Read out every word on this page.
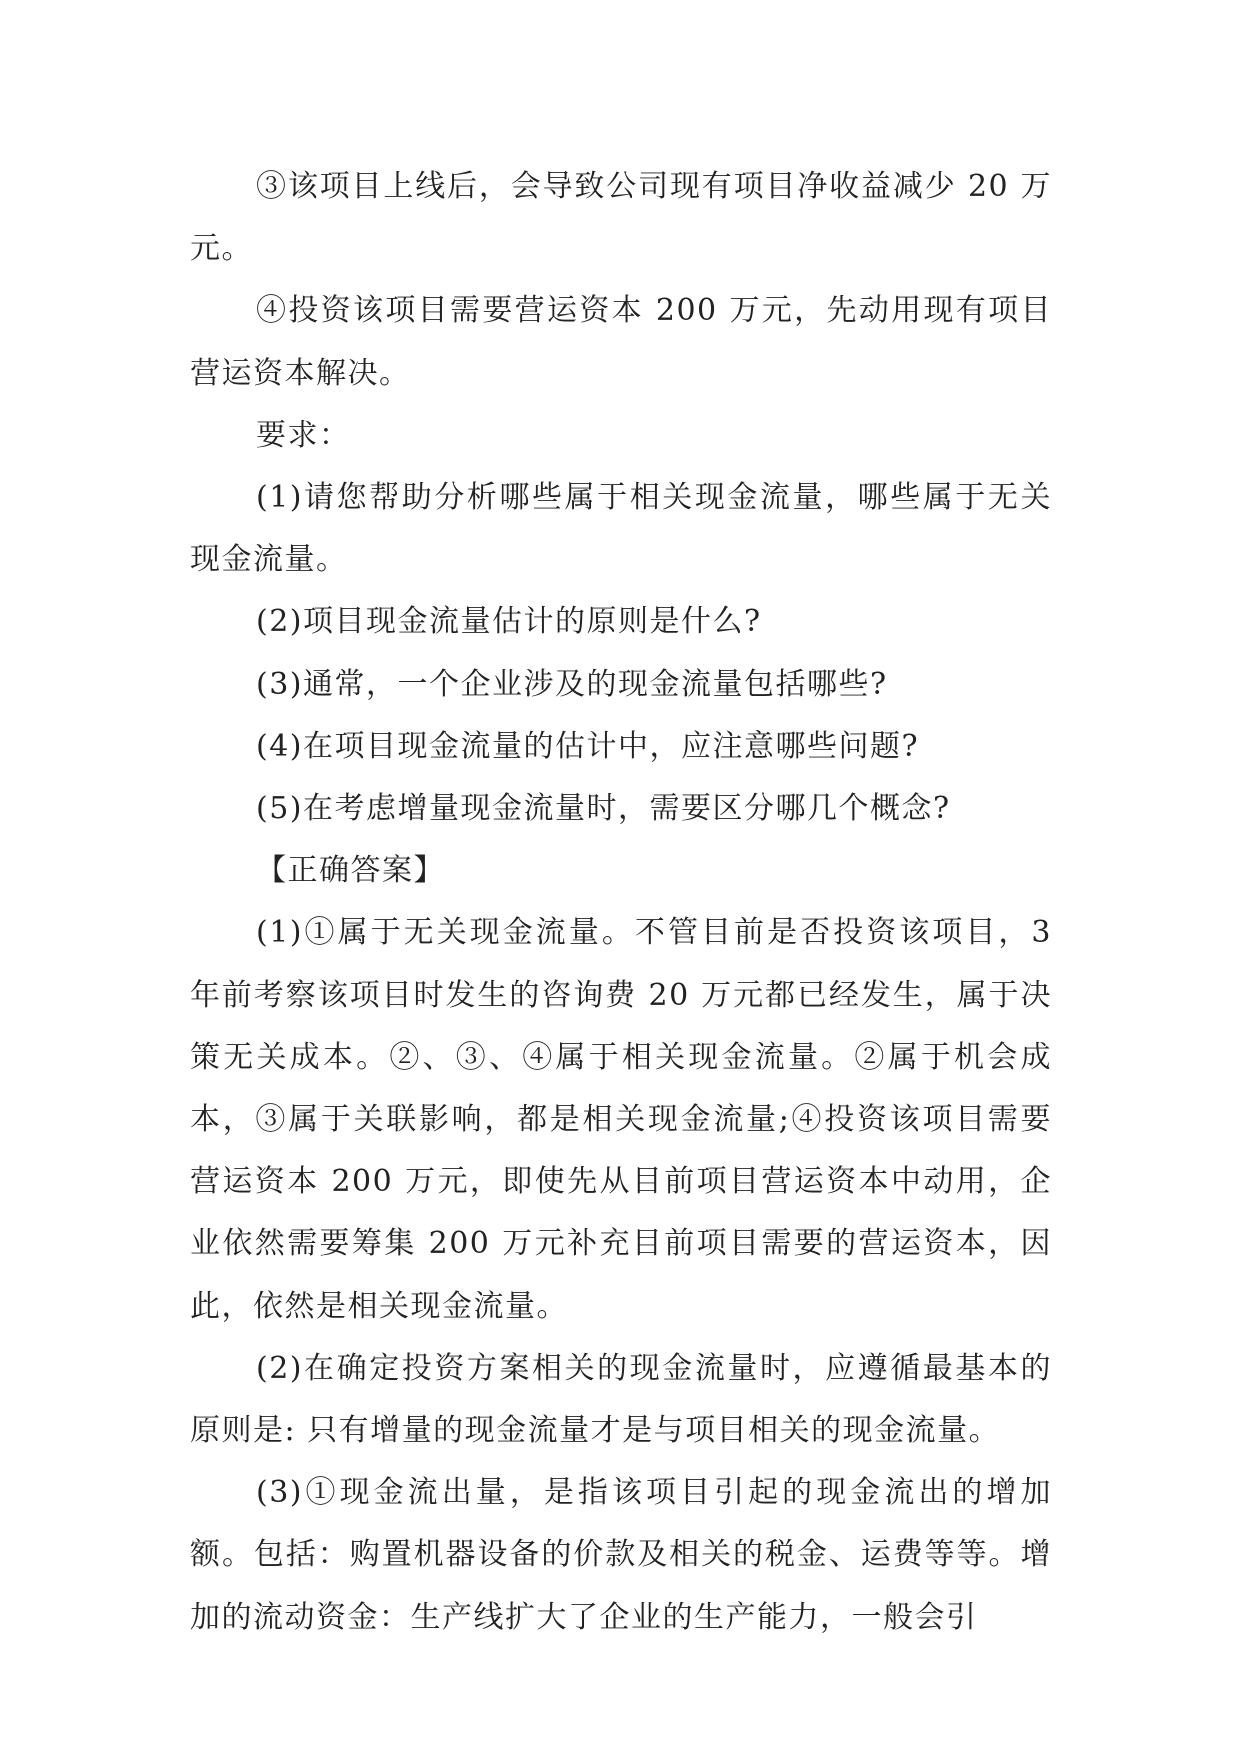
③该项目上线后，会导致公司现有项目净收益减少 20 万元。

④投资该项目需要营运资本 200 万元，先动用现有项目营运资本解决。

要求：

(1)请您帮助分析哪些属于相关现金流量，哪些属于无关现金流量。

(2)项目现金流量估计的原则是什么?

(3)通常，一个企业涉及的现金流量包括哪些?

(4)在项目现金流量的估计中，应注意哪些问题?

(5)在考虑增量现金流量时，需要区分哪几个概念?

【正确答案】

(1)①属于无关现金流量。不管目前是否投资该项目，3 年前考察该项目时发生的咨询费 20 万元都已经发生，属于决策无关成本。②、③、④属于相关现金流量。②属于机会成本，③属于关联影响，都是相关现金流量;④投资该项目需要营运资本 200 万元，即使先从目前项目营运资本中动用，企业依然需要筹集 200 万元补充目前项目需要的营运资本，因此，依然是相关现金流量。

(2)在确定投资方案相关的现金流量时，应遵循最基本的原则是: 只有增量的现金流量才是与项目相关的现金流量。

(3)①现金流出量，是指该项目引起的现金流出的增加额。包括：购置机器设备的价款及相关的税金、运费等等。增加的流动资金：生产线扩大了企业的生产能力，一般会引
